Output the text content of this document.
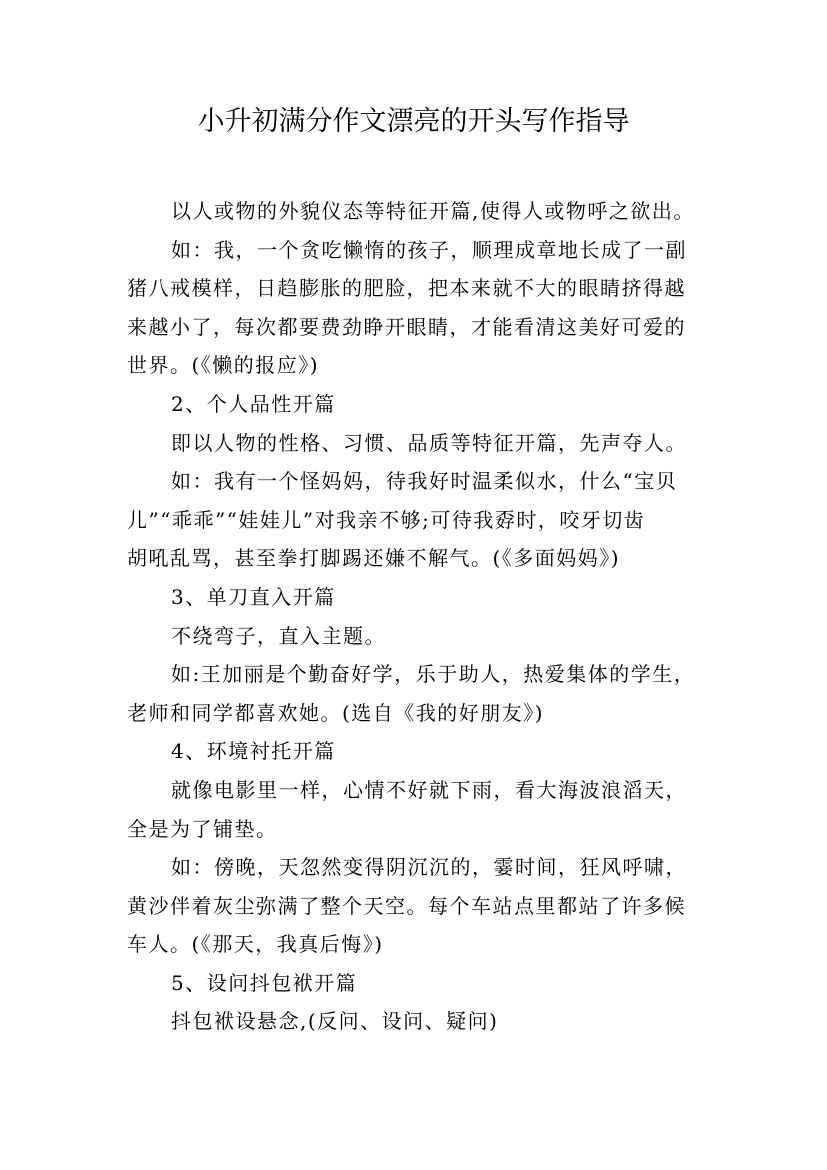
小升初满分作文漂亮的开头写作指导
以人或物的外貌仪态等特征开篇,使得人或物呼之欲出。
如：我，一个贪吃懒惰的孩子，顺理成章地长成了一副
猪八戒模样，日趋膨胀的肥脸，把本来就不大的眼睛挤得越
来越小了，每次都要费劲睁开眼睛，才能看清这美好可爱的
世界。(《懒的报应》)
2、个人品性开篇
即以人物的性格、习惯、品质等特征开篇，先声夺人。
如：我有一个怪妈妈，待我好时温柔似水，什么“宝贝
儿”“乖乖”“娃娃儿”对我亲不够;可待我孬时，咬牙切齿
胡吼乱骂，甚至拳打脚踢还嫌不解气。(《多面妈妈》)
3、单刀直入开篇
不绕弯子，直入主题。
如:王加丽是个勤奋好学，乐于助人，热爱集体的学生，
老师和同学都喜欢她。(选自《我的好朋友》)
4、环境衬托开篇
就像电影里一样，心情不好就下雨，看大海波浪滔天，
全是为了铺垫。
如：傍晚，天忽然变得阴沉沉的，霎时间，狂风呼啸，
黄沙伴着灰尘弥满了整个天空。每个车站点里都站了许多候
车人。(《那天，我真后悔》)
5、设问抖包袱开篇
抖包袱设悬念,(反问、设问、疑问)
